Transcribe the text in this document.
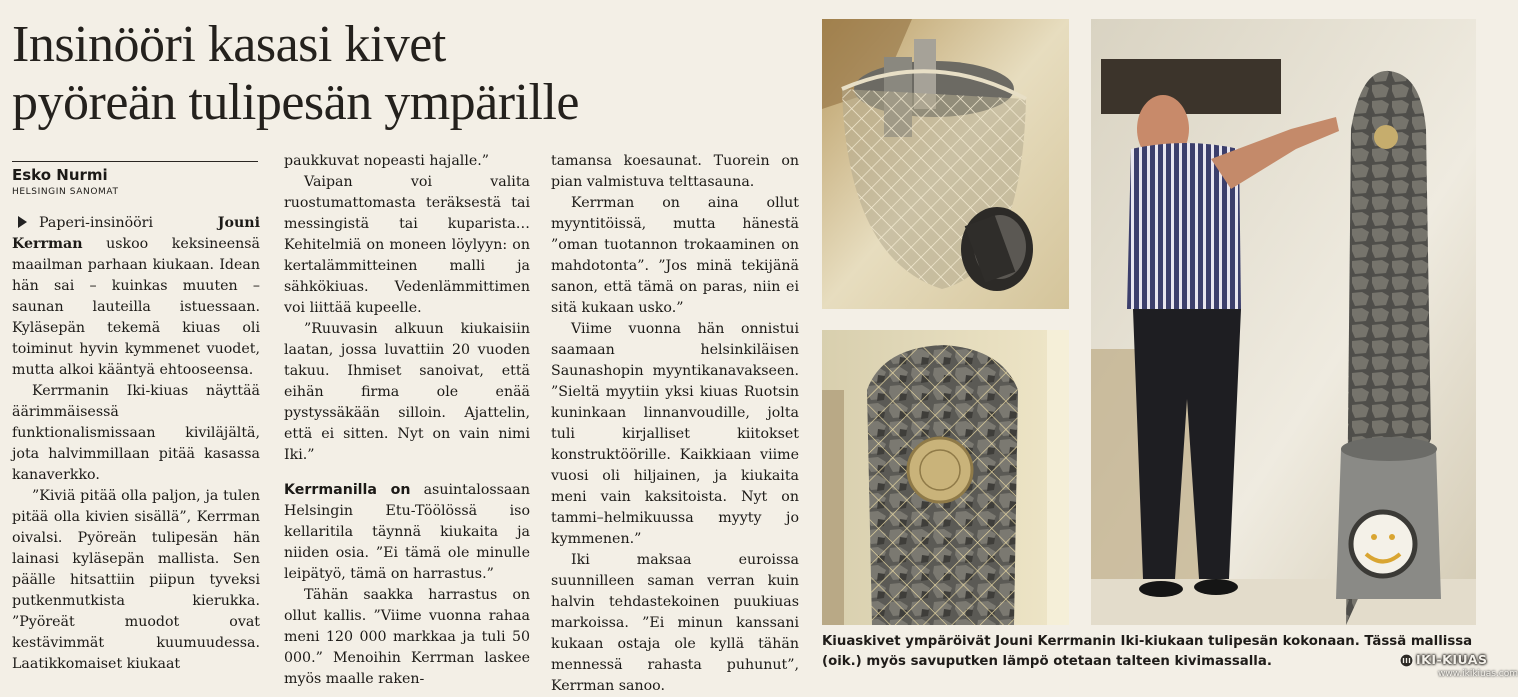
Insinööri kasasi kivet
pyöreän tulipesän ympärille
Esko Nurmi
HELSINGIN SANOMAT

Paperi-insinööri Jouni Kerrman uskoo keksineensä maailman parhaan kiukaan. Idean hän sai – kuinkas muuten – saunan lauteilla istuessaan. Kyläsepän tekemä kiuas oli toiminut hyvin kymmenet vuodet, mutta alkoi kääntyä ehtooseensa.

Kerrmanin Iki-kiuas näyttää äärimmäisessä funktionalismissaan kiviläjältä, jota halvimmillaan pitää kasassa kanaverkko.

”Kiviä pitää olla paljon, ja tulen pitää olla kivien sisällä”, Kerrman oivalsi. Pyöreän tulipesän hän lainasi kyläsepän mallista. Sen päälle hitsattiin piipun tyveksi putkenmutkista kierukka. ”Pyöreät muodot ovat kestävimmät kuumuudessa. Laatikkomaiset kiukaat

paukkuvat nopeasti hajalle.”

Vaipan voi valita ruostumattomasta teräksestä tai messingistä tai kuparista… Kehitelmiä on moneen löylyyn: on kertalämmitteinen malli ja sähkökiuas. Vedenlämmittimen voi liittää kupeelle.

”Ruuvasin alkuun kiukaisiin laatan, jossa luvattiin 20 vuoden takuu. Ihmiset sanoivat, että eihän firma ole enää pystyssäkään silloin. Ajattelin, että ei sitten. Nyt on vain nimi Iki.”

Kerrmanilla on asuintalossaan Helsingin Etu-Töölössä iso kellaritila täynnä kiukaita ja niiden osia. ”Ei tämä ole minulle leipätyö, tämä on harrastus.”

Tähän saakka harrastus on ollut kallis. ”Viime vuonna rahaa meni 120 000 markkaa ja tuli 50 000.” Menoihin Kerrman laskee myös maalle raken-

tamansa koesaunat. Tuorein on pian valmistuva telttasauna.

Kerrman on aina ollut myyntitöissä, mutta hänestä ”oman tuotannon trokaaminen on mahdotonta”. ”Jos minä tekijänä sanon, että tämä on paras, niin ei sitä kukaan usko.”

Viime vuonna hän onnistui saamaan helsinkiläisen Saunashopin myyntikanavakseen. ”Sieltä myytiin yksi kiuas Ruotsin kuninkaan linnanvoudille, jolta tuli kirjalliset kiitokset konstruktöörille. Kaikkiaan viime vuosi oli hiljainen, ja kiukaita meni vain kaksitoista. Nyt on tammi–helmikuussa myyty jo kymmenen.”

Iki maksaa euroissa suunnilleen saman verran kuin halvin tehdastekoinen puukiuas markoissa. ”Ei minun kanssani kukaan ostaja ole kyllä tähän mennessä rahasta puhunut”, Kerrman sanoo.

Kiuaskivet ympäröivät Jouni Kerrmanin Iki-kiukaan tulipesän kokonaan. Tässä mallissa
(oik.) myös savuputken lämpö otetaan talteen kivimassalla.	IKI-KIUAS
www.ikikiuas.com
